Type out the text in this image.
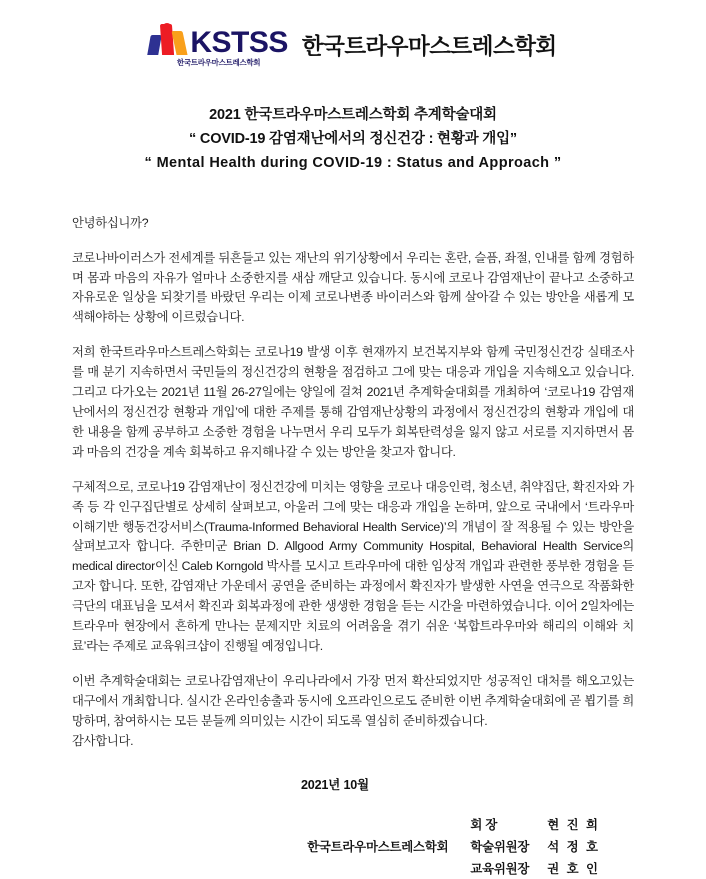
KSTSS
한국트라우마스트레스학회
한국트라우마스트레스학회
2021 한국트라우마스트레스학회 추계학술대회
“ COVID-19 감염재난에서의 정신건강 : 현황과 개입”
“ Mental Health during COVID-19 : Status and Approach ”

안녕하십니까?

코로나바이러스가 전세계를 뒤흔들고 있는 재난의 위기상황에서 우리는 혼란, 슬픔, 좌절, 인내를 함께 경험하며 몸과 마음의 자유가 얼마나 소중한지를 새삼 깨닫고 있습니다. 동시에 코로나 감염재난이 끝나고 소중하고 자유로운 일상을 되찾기를 바랐던 우리는 이제 코로나변종 바이러스와 함께 살아갈 수 있는 방안을 새롭게 모색해야하는 상황에 이르렀습니다.

저희 한국트라우마스트레스학회는 코로나19 발생 이후 현재까지 보건복지부와 함께 국민정신건강 실태조사를 매 분기 지속하면서 국민들의 정신건강의 현황을 점검하고 그에 맞는 대응과 개입을 지속해오고 있습니다. 그리고 다가오는 2021년 11월 26-27일에는 양일에 걸쳐 2021년 추계학술대회를 개최하여 ‘코로나19 감염재난에서의 정신건강 현황과 개입’에 대한 주제를 통해 감염재난상황의 과정에서 정신건강의 현황과 개입에 대한 내용을 함께 공부하고 소중한 경험을 나누면서 우리 모두가 회복탄력성을 잃지 않고 서로를 지지하면서 몸과 마음의 건강을 계속 회복하고 유지해나갈 수 있는 방안을 찾고자 합니다.

구체적으로, 코로나19 감염재난이 정신건강에 미치는 영향을 코로나 대응인력, 청소년, 취약집단, 확진자와 가족 등 각 인구집단별로 상세히 살펴보고, 아울러 그에 맞는 대응과 개입을 논하며, 앞으로 국내에서 ‘트라우마 이해기반 행동건강서비스(Trauma-Informed Behavioral Health Service)’의 개념이 잘 적용될 수 있는 방안을 살펴보고자 합니다. 주한미군 Brian D. Allgood Army Community Hospital, Behavioral Health Service의 medical director이신 Caleb Korngold 박사를 모시고 트라우마에 대한 임상적 개입과 관련한 풍부한 경험을 듣고자 합니다. 또한, 감염재난 가운데서 공연을 준비하는 과정에서 확진자가 발생한 사연을 연극으로 작품화한 극단의 대표님을 모셔서 확진과 회복과정에 관한 생생한 경험을 듣는 시간을 마련하였습니다. 이어 2일차에는 트라우마 현장에서 흔하게 만나는 문제지만 치료의 어려움을 겪기 쉬운 ‘복합트라우마와 해리의 이해와 치료’라는 주제로 교육워크샵이 진행될 예정입니다.

이번 추계학술대회는 코로나감염재난이 우리나라에서 가장 먼저 확산되었지만 성공적인 대처를 해오고있는 대구에서 개최합니다. 실시간 온라인송출과 동시에 오프라인으로도 준비한 이번 추계학술대회에 곧 뵙기를 희망하며, 참여하시는 모든 분들께 의미있는 시간이 되도록 열심히 준비하겠습니다.

감사합니다.

2021년 10월
한국트라우마스트레스학회	회 장	현 진 희
	학술위원장	석 정 호
	교육위원장	권 호 인
